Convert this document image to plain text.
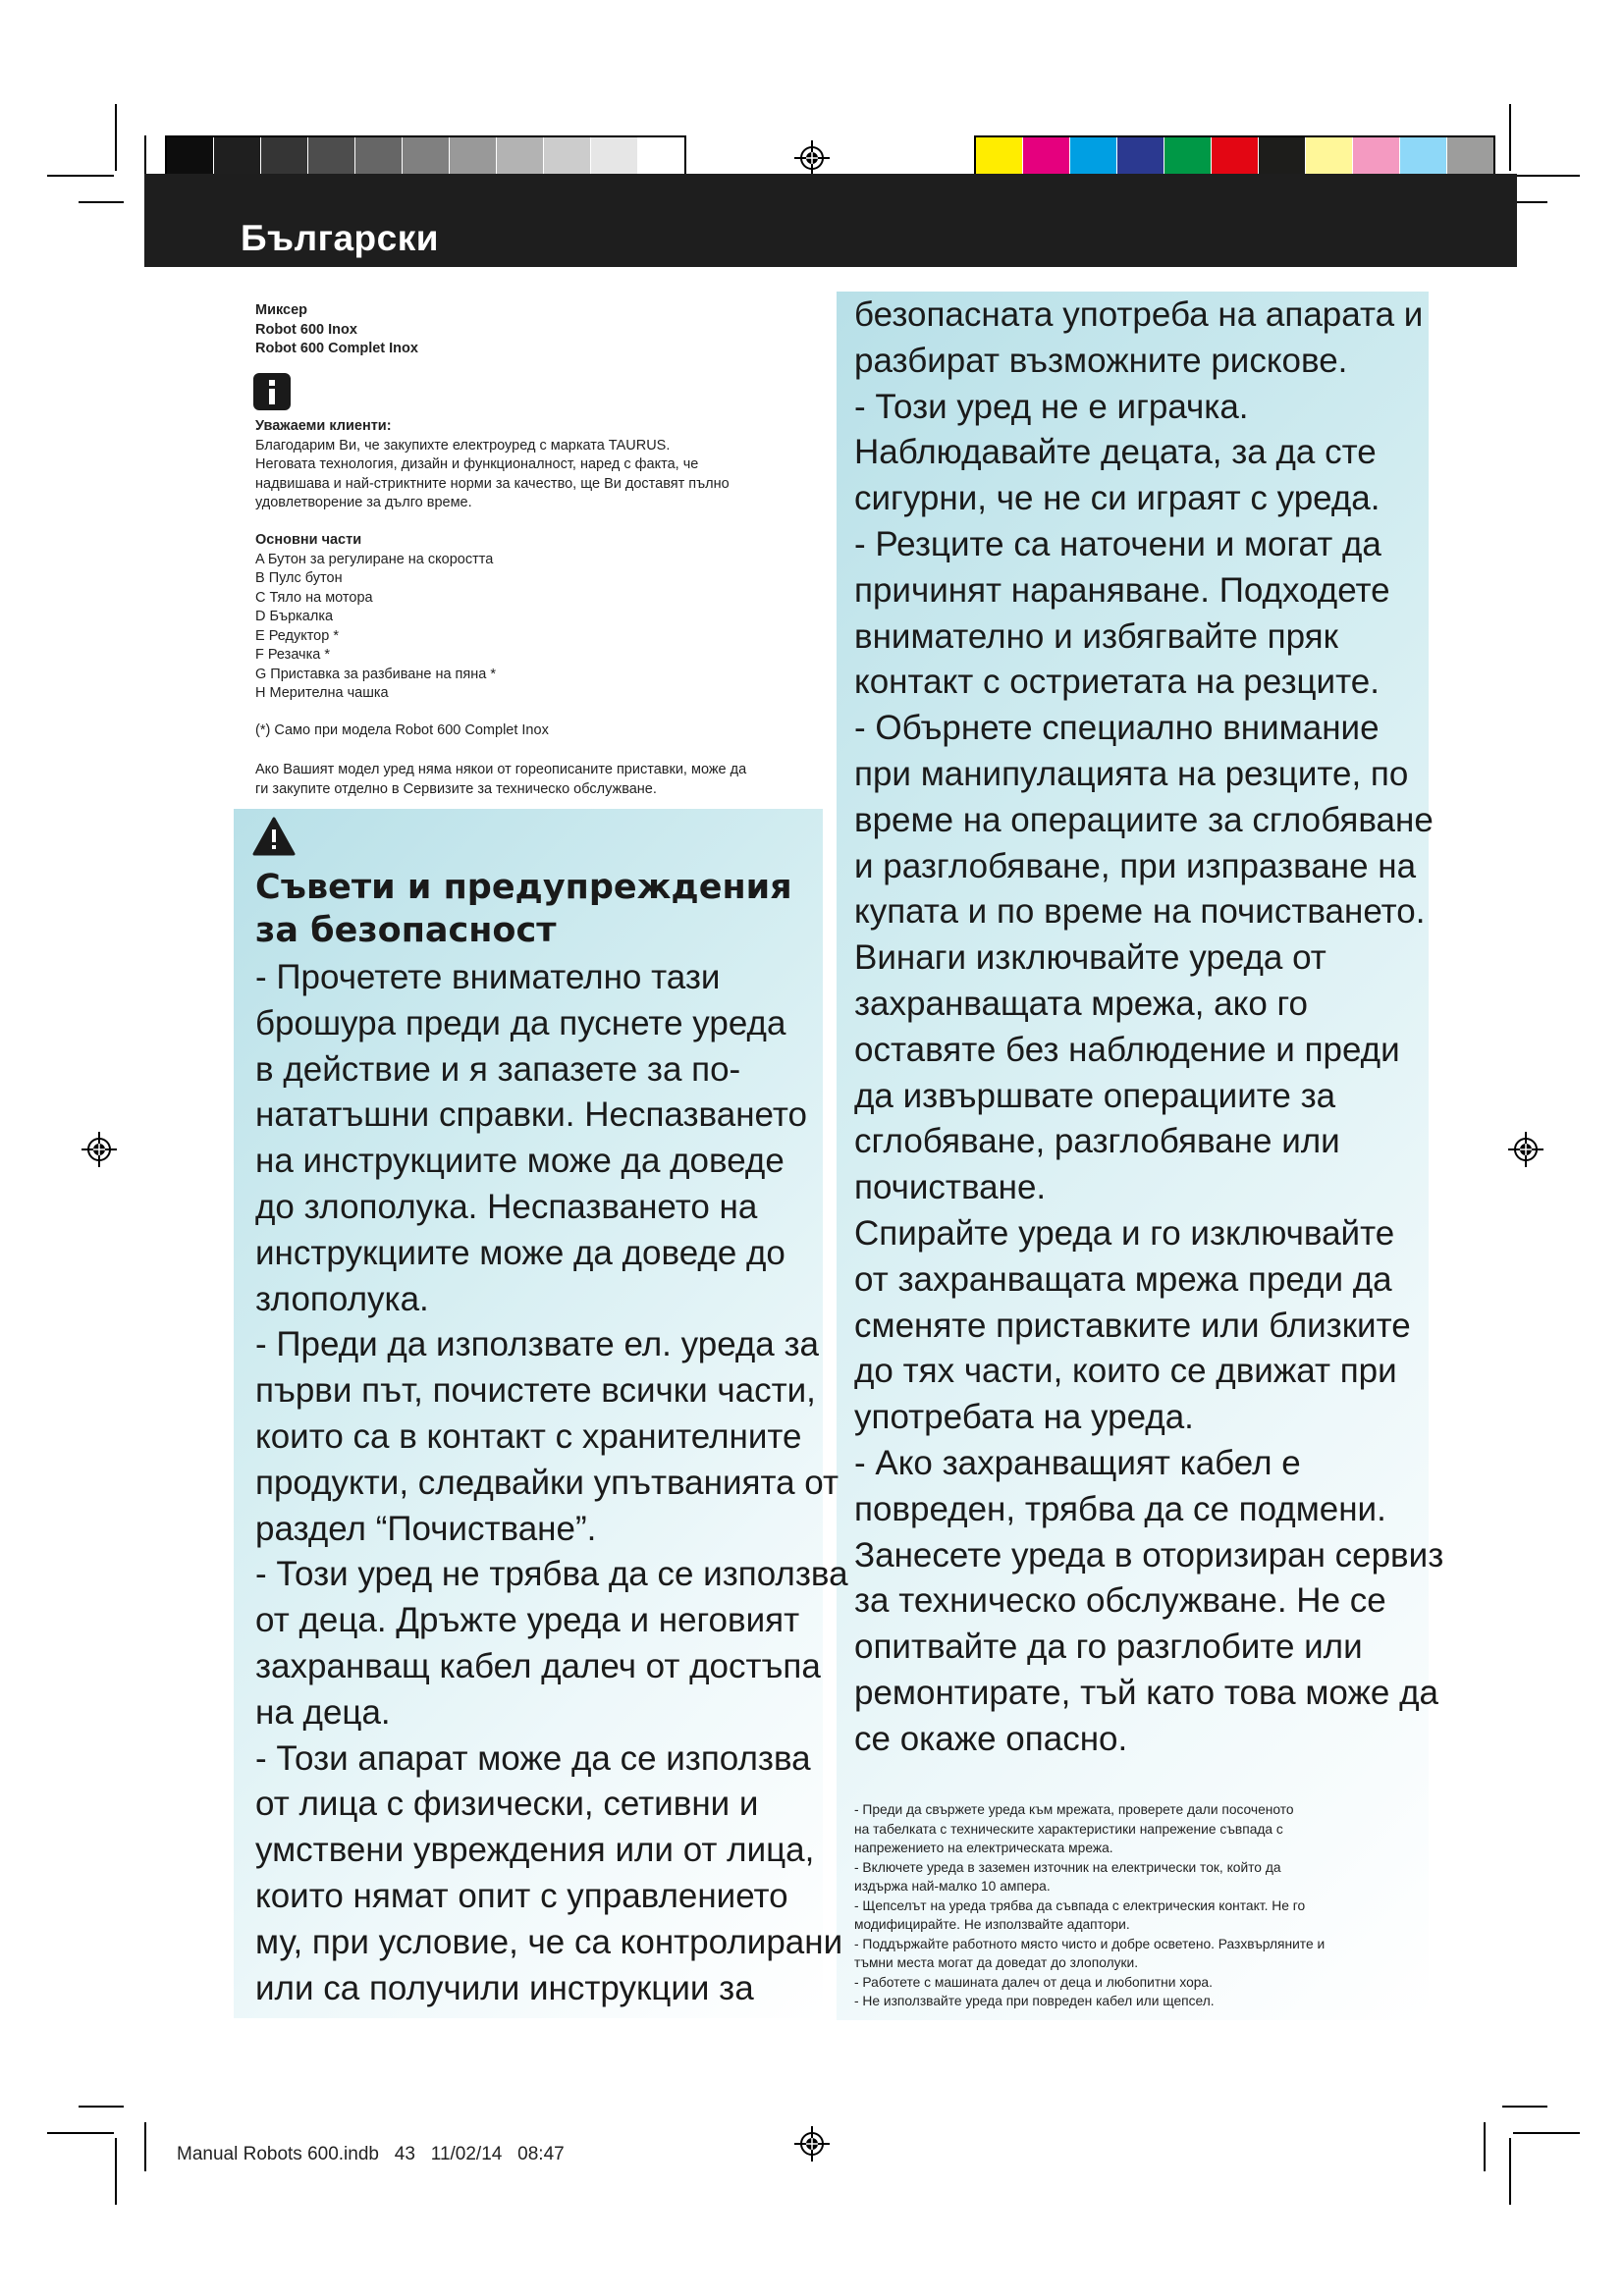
Български
Миксер
Robot 600 Inox
Robot 600 Complet Inox
Уважаеми клиенти:
Благодарим Ви, че закупихте електроуред с марката TAURUS.
Неговата технология, дизайн и функционалност, наред с факта, че
надвишава и най-стриктните норми за качество, ще Ви доставят пълно
удовлетворение за дълго време.
Основни части
A Бутон за регулиране на скоростта
B Пулс бутон
C Тяло на мотора
D Бъркалка
E Редуктор *
F Резачка *
G Приставка за разбиване на пяна *
H Мерителна чашка
(*) Само при модела Robot 600 Complet Inox
Ако Вашият модел уред няма някои от гореописаните приставки, може да
ги закупите отделно в Сервизите за техническо обслужване.
Съвети и предупреждения
за безопасност
- Прочетете внимателно тази
брошура преди да пуснете уреда
в действие и я запазете за по-
нататъшни справки. Неспазването
на инструкциите може да доведе
до злополука. Неспазването на
инструкциите може да доведе до
злополука.
- Преди да използвате ел. уреда за
първи път, почистете всички части,
които са в контакт с хранителните
продукти, следвайки упътванията от
раздел “Почистване”.
- Този уред не трябва да се използва
от деца. Дръжте уреда и неговият
захранващ кабел далеч от достъпа
на деца.
- Този апарат може да се използва
от лица с физически, сетивни и
умствени увреждения или от лица,
които нямат опит с управлението
му, при условие, че са контролирани
или са получили инструкции за
безопасната употреба на апарата и
разбират възможните рискове.
- Този уред не е играчка.
Наблюдавайте децата, за да сте
сигурни, че не си играят с уреда.
- Резците са наточени и могат да
причинят нараняване. Подходете
внимателно и избягвайте пряк
контакт с остриетата на резците.
- Обърнете специално внимание
при манипулацията на резците, по
време на операциите за сглобяване
и разглобяване, при изпразване на
купата и по време на почистването.
Винаги изключвайте уреда от
захранващата мрежа, ако го
оставяте без наблюдение и преди
да извършвате операциите за
сглобяване, разглобяване или
почистване.
Спирайте уреда и го изключвайте
от захранващата мрежа преди да
сменяте приставките или близките
до тях части, които се движат при
употребата на уреда.
- Ако захранващият кабел е
повреден, трябва да се подмени.
Занесете уреда в оторизиран сервиз
за техническо обслужване. Не се
опитвайте да го разглобите или
ремонтирате, тъй като това може да
се окаже опасно.
- Преди да свържете уреда към мрежата, проверете дали посоченото
на табелката с техническите характеристики напрежение съвпада с
напрежението на електрическата мрежа.
- Включете уреда в заземен източник на електрически ток, който да
издържа най-малко 10 ампера.
- Щепселът на уреда трябва да съвпада с електрическия контакт. Не го
модифицирайте. Не използвайте адаптори.
- Поддържайте работното място чисто и добре осветено. Разхвърляните и
тъмни места могат да доведат до злополуки.
- Работете с машината далеч от деца и любопитни хора.
- Не използвайте уреда при повреден кабел или щепсел.
Manual Robots 600.indb   43   11/02/14   08:47
